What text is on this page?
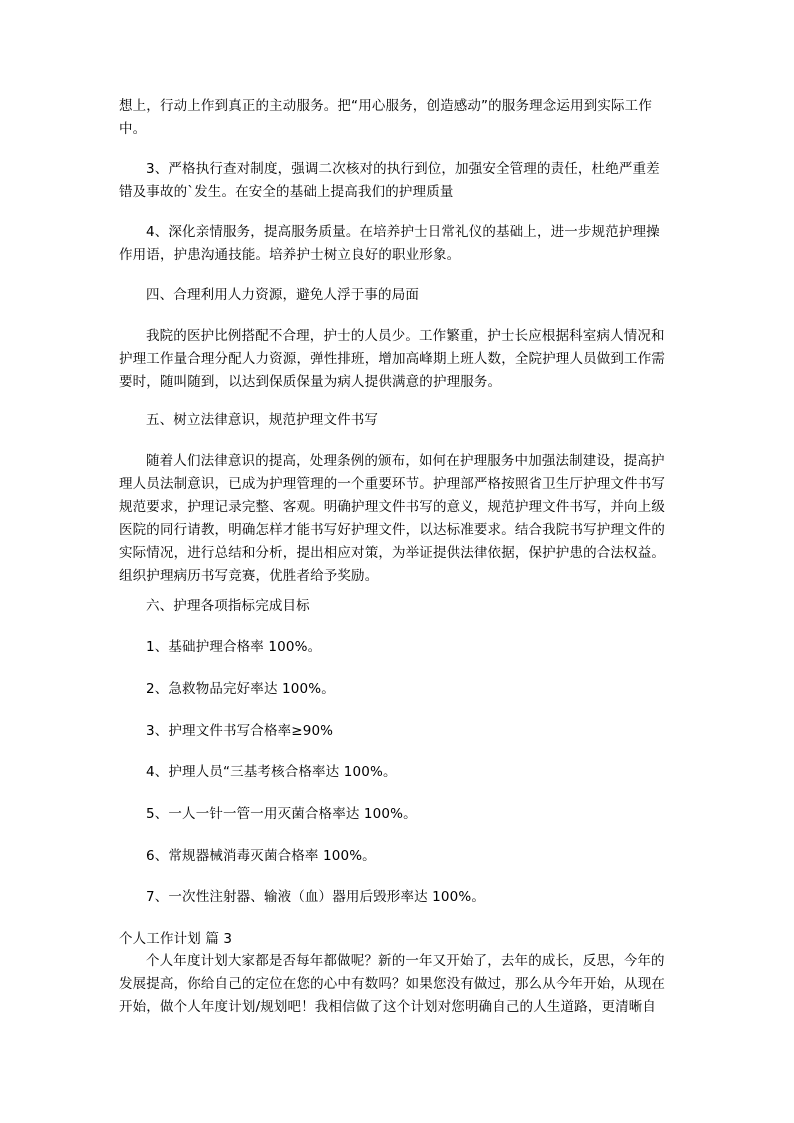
想上，行动上作到真正的主动服务。把“用心服务，创造感动”的服务理念运用到实际工作
中。
3、严格执行查对制度，强调二次核对的执行到位，加强安全管理的责任，杜绝严重差
错及事故的`发生。在安全的基础上提高我们的护理质量
4、深化亲情服务，提高服务质量。在培养护士日常礼仪的基础上，进一步规范护理操
作用语，护患沟通技能。培养护士树立良好的职业形象。
四、合理利用人力资源，避免人浮于事的局面
我院的医护比例搭配不合理，护士的人员少。工作繁重，护士长应根据科室病人情况和
护理工作量合理分配人力资源，弹性排班，增加高峰期上班人数，全院护理人员做到工作需
要时，随叫随到，以达到保质保量为病人提供满意的护理服务。
五、树立法律意识，规范护理文件书写
随着人们法律意识的提高，处理条例的颁布，如何在护理服务中加强法制建设，提高护
理人员法制意识，已成为护理管理的一个重要环节。护理部严格按照省卫生厅护理文件书写
规范要求，护理记录完整、客观。明确护理文件书写的意义，规范护理文件书写，并向上级
医院的同行请教，明确怎样才能书写好护理文件，以达标准要求。结合我院书写护理文件的
实际情况，进行总结和分析，提出相应对策，为举证提供法律依据，保护护患的合法权益。
组织护理病历书写竞赛，优胜者给予奖励。
六、护理各项指标完成目标
1、基础护理合格率 100%。
2、急救物品完好率达 100%。
3、护理文件书写合格率≥90%
4、护理人员“三基考核合格率达 100%。
5、一人一针一管一用灭菌合格率达 100%。
6、常规器械消毒灭菌合格率 100%。
7、一次性注射器、输液（血）器用后毁形率达 100%。
个人工作计划 篇 3
个人年度计划大家都是否每年都做呢？新的一年又开始了，去年的成长，反思，今年的
发展提高，你给自己的定位在您的心中有数吗？如果您没有做过，那么从今年开始，从现在
开始，做个人年度计划/规划吧！我相信做了这个计划对您明确自己的人生道路，更清晰自
